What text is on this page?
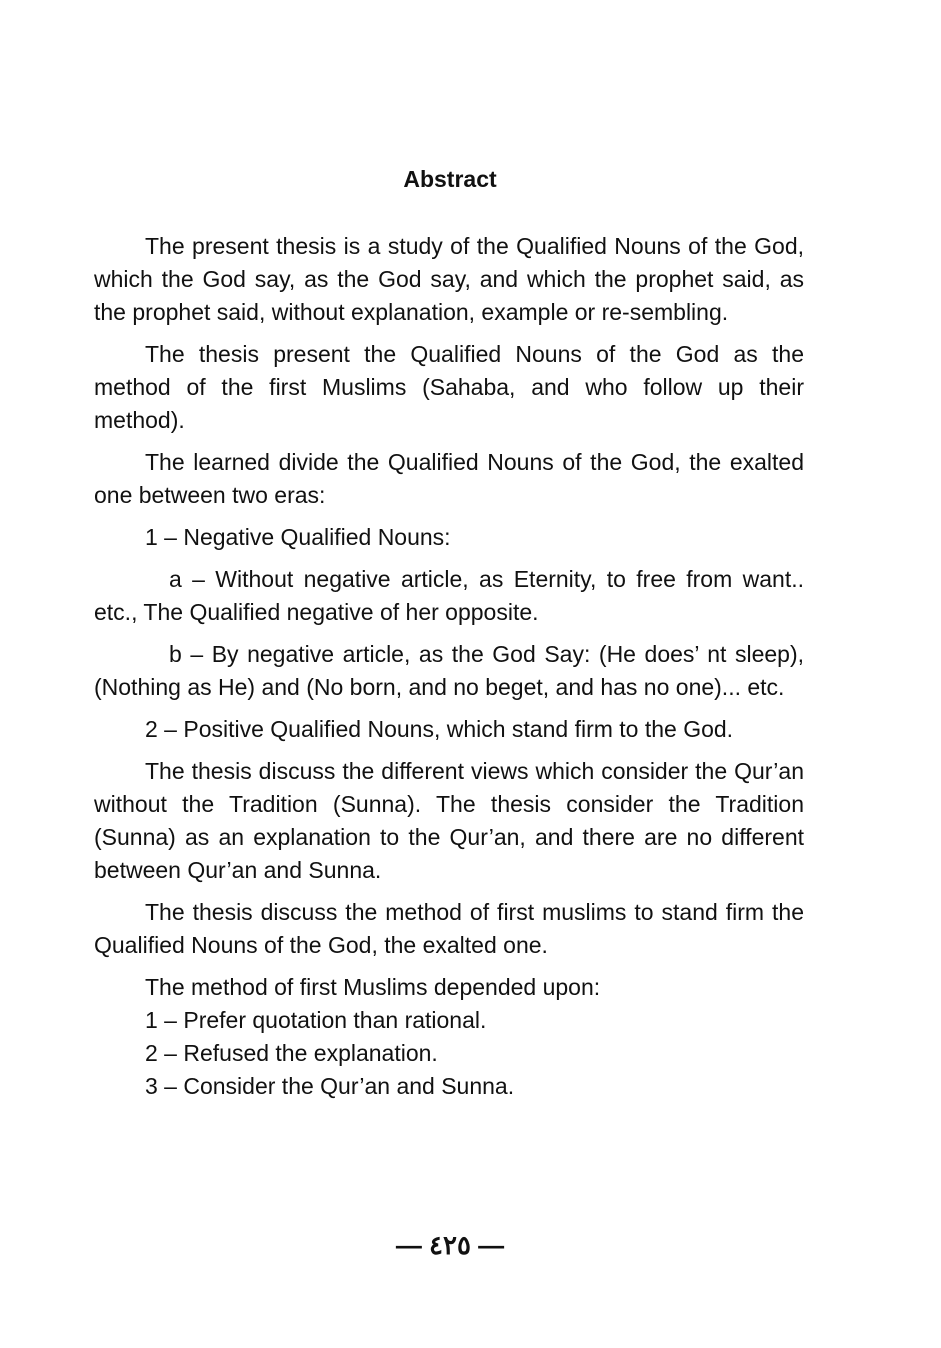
Abstract

The present thesis is a study of the Qualified Nouns of the God, which the God say, as the God say, and which the prophet said, as the prophet said, without explanation, example or re-sembling.

The thesis present the Qualified Nouns of the God as the method of the first Muslims (Sahaba, and who follow up their method).

The learned divide the Qualified Nouns of the God, the exalted one between two eras:

1 – Negative Qualified Nouns:

a – Without negative article, as Eternity, to free from want.. etc., The Qualified negative of her opposite.

b – By negative article, as the God Say: (He does’ nt sleep), (Nothing as He) and (No born, and no beget, and has no one)... etc.

2 – Positive Qualified Nouns, which stand firm to the God.

The thesis discuss the different views which consider the Qur’an without the Tradition (Sunna). The thesis consider the Tradition (Sunna) as an explanation to the Qur’an, and there are no different between Qur’an and Sunna.

The thesis discuss the method of first muslims to stand firm the Qualified Nouns of the God, the exalted one.

The method of first Muslims depended upon:

1 – Prefer quotation than rational.

2 – Refused the explanation.

3 – Consider the Qur’an and Sunna.

— ٤٢٥ —
